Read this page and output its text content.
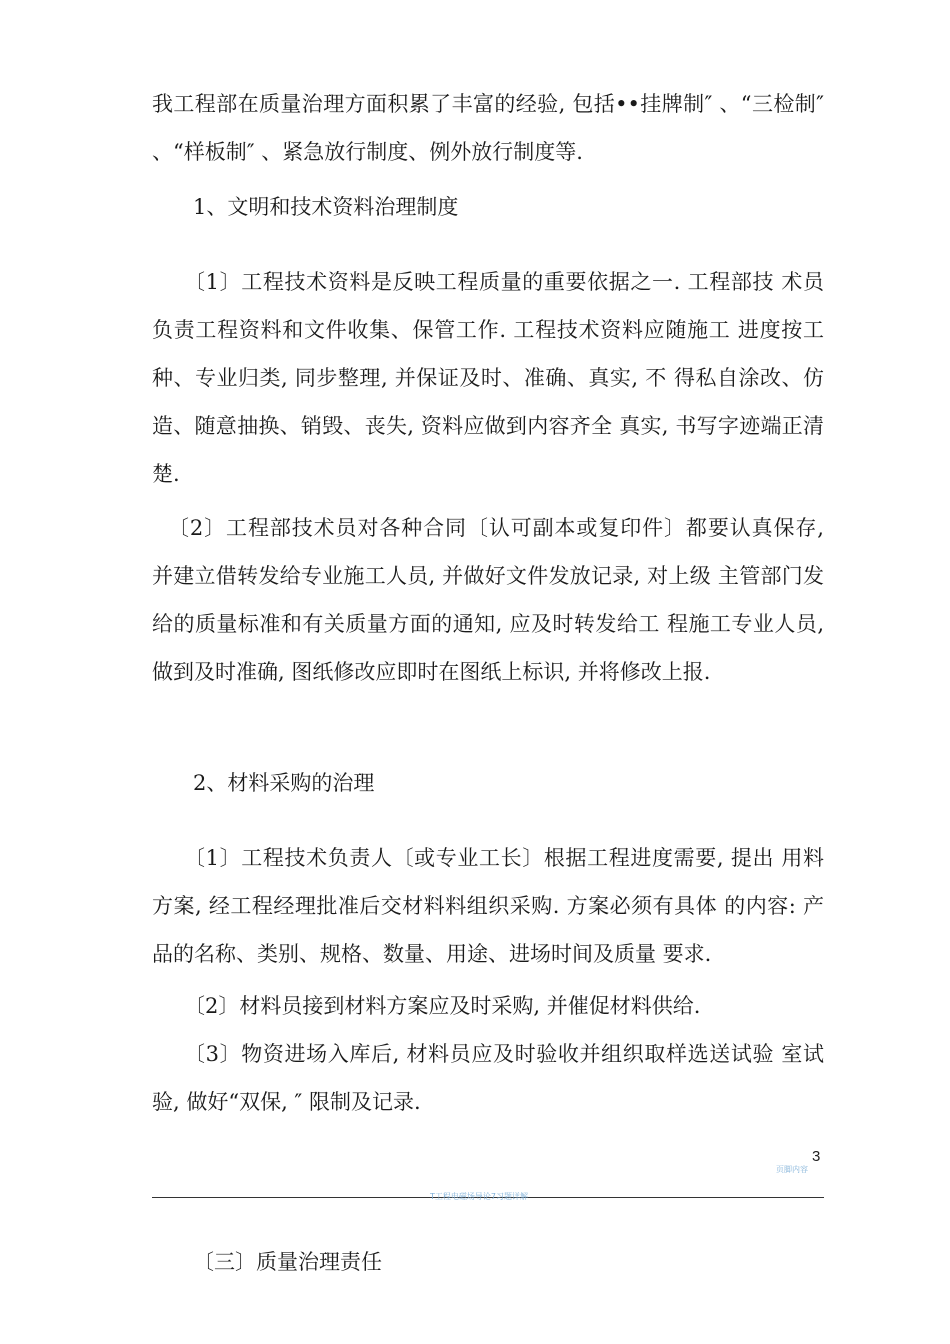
我工程部在质量治理方面积累了丰富的经验, 包括••挂牌制″ 、“三检制″ 、“样板制″ 、紧急放行制度、例外放行制度等.

1、文明和技术资料治理制度

〔1〕工程技术资料是反映工程质量的重要依据之一. 工程部技 术员负责工程资料和文件收集、保管工作. 工程技术资料应随施工 进度按工种、专业归类, 同步整理, 并保证及时、准确、真实, 不 得私自涂改、仿造、随意抽换、销毁、丧失, 资料应做到内容齐全 真实, 书写字迹端正清楚.

〔2〕工程部技术员对各种合同〔认可副本或复印件〕都要认真保存, 并建立借转发给专业施工人员, 并做好文件发放记录, 对上级 主管部门发给的质量标准和有关质量方面的通知, 应及时转发给工 程施工专业人员, 做到及时准确, 图纸修改应即时在图纸上标识, 并将修改上报.

2、材料采购的治理

〔1〕工程技术负责人〔或专业工长〕根据工程进度需要, 提出 用料方案, 经工程经理批准后交材料料组织采购. 方案必须有具体 的内容: 产品的名称、类别、规格、数量、用途、进场时间及质量 要求.

〔2〕材料员接到材料方案应及时采购, 并催促材料供给.

〔3〕物资进场入库后, 材料员应及时验收并组织取样选送试验 室试验, 做好“双保, ″ 限制及记录.

3
页脚内容
T工程电磁场导论7习题详解

〔三〕质量治理责任
